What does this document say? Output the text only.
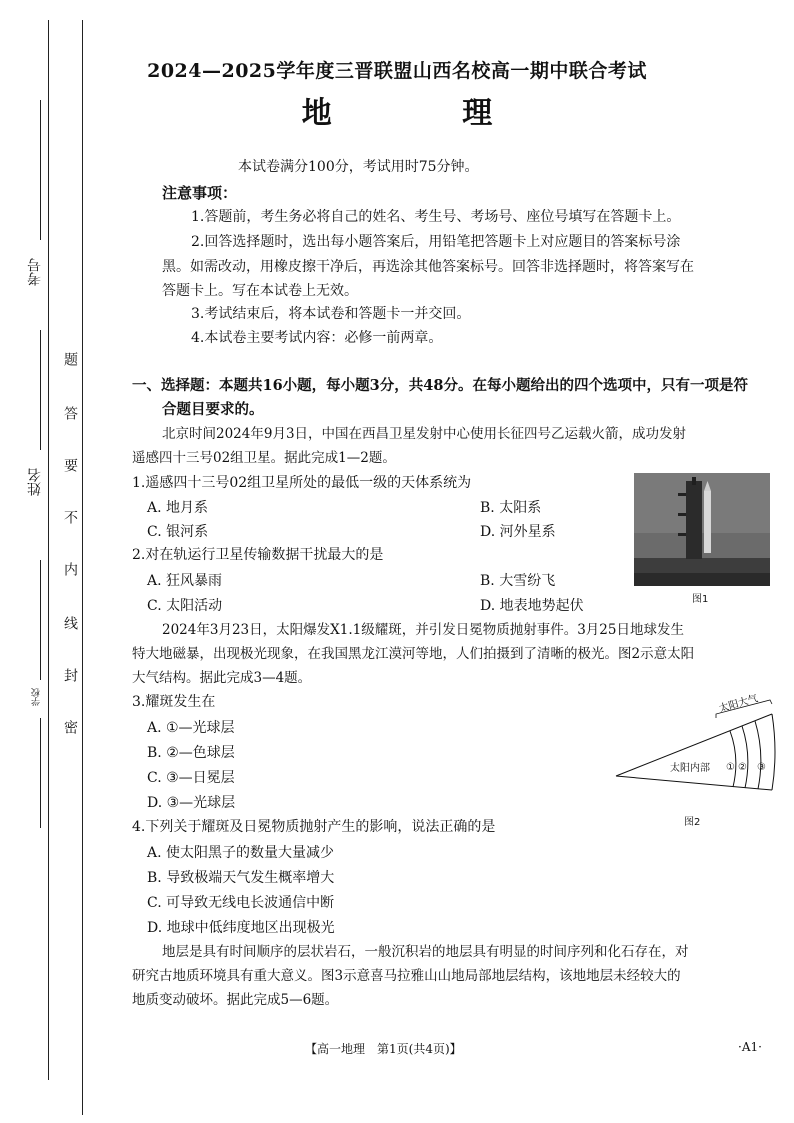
考号
姓名
学校
密
封
线
内
不
要
答
题
2024—2025学年度三晋联盟山西名校高一期中联合考试
地 理
本试卷满分100分，考试用时75分钟。
注意事项：
1.答题前，考生务必将自己的姓名、考生号、考场号、座位号填写在答题卡上。
2.回答选择题时，选出每小题答案后，用铅笔把答题卡上对应题目的答案标号涂
黑。如需改动，用橡皮擦干净后，再选涂其他答案标号。回答非选择题时，将答案写在
答题卡上。写在本试卷上无效。
3.考试结束后，将本试卷和答题卡一并交回。
4.本试卷主要考试内容：必修一前两章。
一、选择题：本题共16小题，每小题3分，共48分。在每小题给出的四个选项中，只有一项是符
合题目要求的。
北京时间2024年9月3日，中国在西昌卫星发射中心使用长征四号乙运载火箭，成功发射
遥感四十三号02组卫星。据此完成1—2题。
1.遥感四十三号02组卫星所处的最低一级的天体系统为
A. 地月系	B. 太阳系
C. 银河系	D. 河外星系
2.对在轨运行卫星传输数据干扰最大的是
A. 狂风暴雨	B. 大雪纷飞
C. 太阳活动	D. 地表地势起伏	图1
2024年3月23日，太阳爆发X1.1级耀斑，并引发日冕物质抛射事件。3月25日地球发生
特大地磁暴，出现极光现象，在我国黑龙江漠河等地，人们拍摄到了清晰的极光。图2示意太阳
大气结构。据此完成3—4题。
3.耀斑发生在
A. ①—光球层
B. ②—色球层
C. ③—日冕层
D. ③—光球层
太阳内部 ① ② ③
太阳大气
图2
4.下列关于耀斑及日冕物质抛射产生的影响，说法正确的是
A. 使太阳黑子的数量大量减少
B. 导致极端天气发生概率增大
C. 可导致无线电长波通信中断
D. 地球中低纬度地区出现极光
地层是具有时间顺序的层状岩石，一般沉积岩的地层具有明显的时间序列和化石存在，对
研究古地质环境具有重大意义。图3示意喜马拉雅山山地局部地层结构，该地地层未经较大的
地质变动破坏。据此完成5—6题。
【高一地理　第1页(共4页)】	·A1·
